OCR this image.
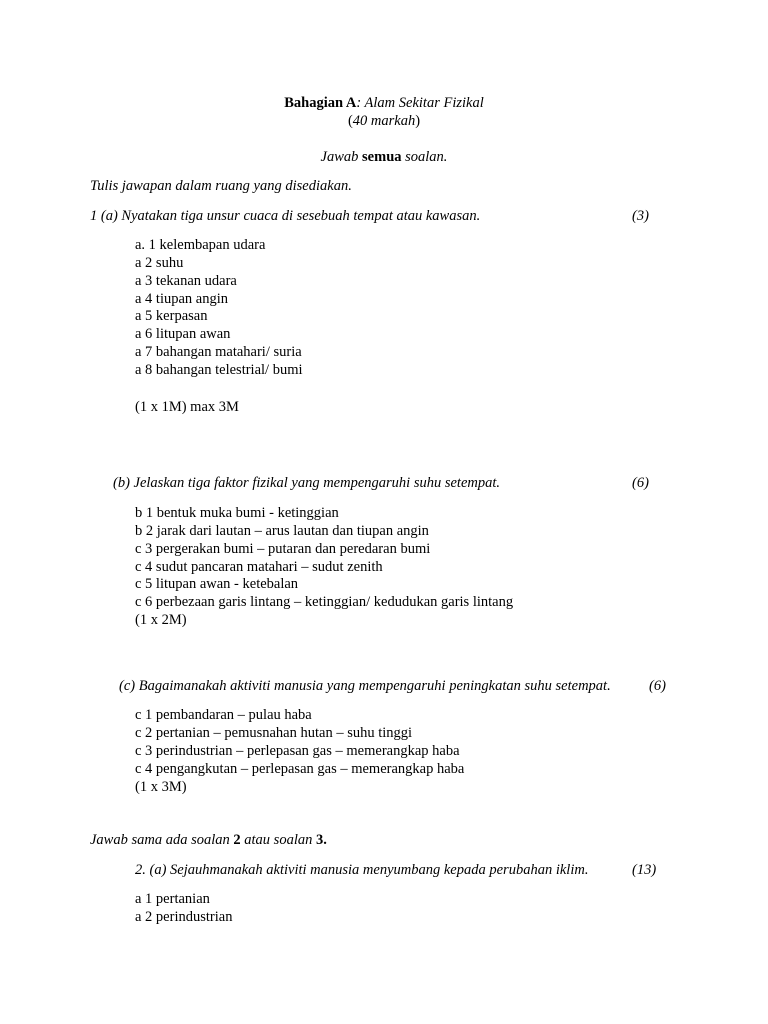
Bahagian A: Alam Sekitar Fizikal
(40 markah)
Jawab semua soalan.
Tulis jawapan dalam ruang yang disediakan.
1 (a) Nyatakan tiga unsur cuaca di sesebuah tempat atau kawasan.	(3)
a. 1 kelembapan udara
a 2 suhu
a 3 tekanan udara
a 4 tiupan angin
a 5 kerpasan
a 6 litupan awan
a 7 bahangan matahari/ suria
a 8 bahangan telestrial/ bumi
(1 x 1M) max 3M
(b) Jelaskan tiga faktor fizikal yang mempengaruhi suhu setempat.	(6)
b 1 bentuk muka bumi - ketinggian
b 2 jarak dari lautan – arus lautan dan tiupan angin
c 3 pergerakan bumi – putaran dan peredaran bumi
c 4 sudut pancaran matahari – sudut zenith
c 5 litupan awan - ketebalan
c 6 perbezaan garis lintang – ketinggian/ kedudukan garis lintang
(1 x 2M)
(c) Bagaimanakah aktiviti manusia yang mempengaruhi peningkatan suhu setempat.	(6)
c 1 pembandaran – pulau haba
c 2 pertanian – pemusnahan hutan – suhu tinggi
c 3 perindustrian – perlepasan gas – memerangkap haba
c 4 pengangkutan – perlepasan gas – memerangkap haba
(1 x 3M)
Jawab sama ada soalan 2 atau soalan 3.
2. (a) Sejauhmanakah aktiviti manusia menyumbang kepada perubahan iklim.	(13)
a 1 pertanian
a 2 perindustrian
